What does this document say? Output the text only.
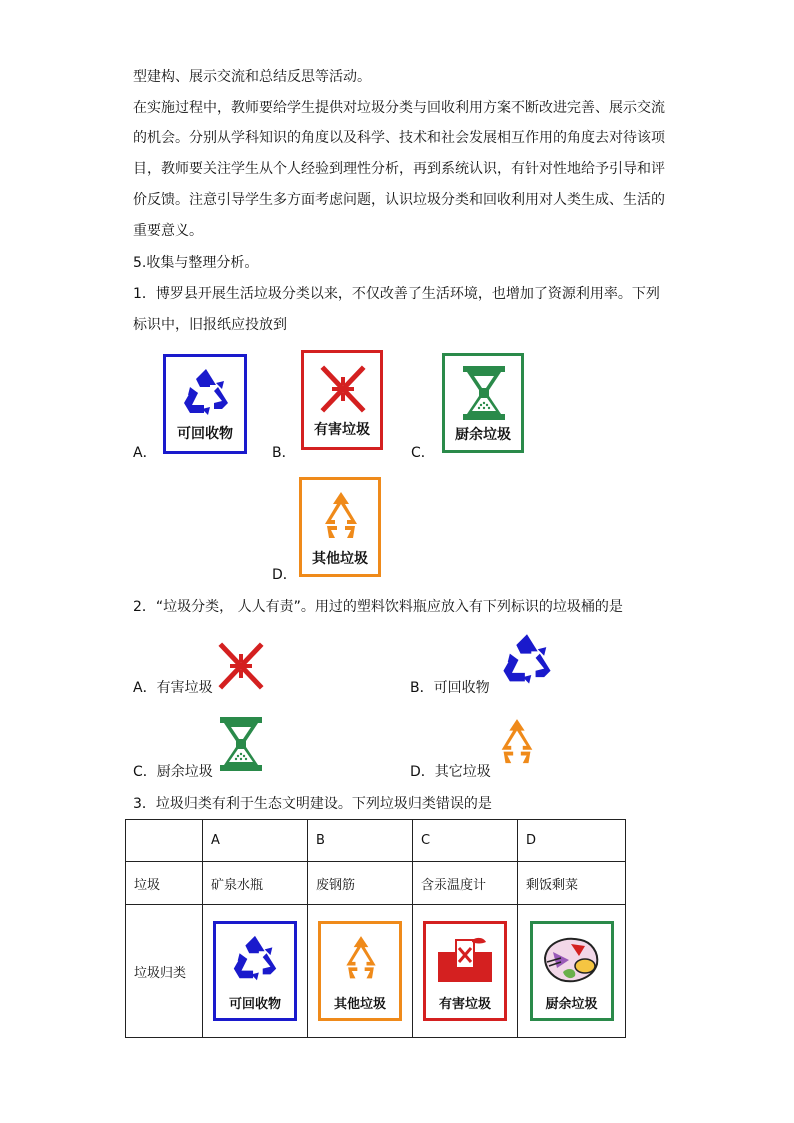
型建构、展示交流和总结反思等活动。
在实施过程中，教师要给学生提供对垃圾分类与回收利用方案不断改进完善、展示交流
的机会。分别从学科知识的角度以及科学、技术和社会发展相互作用的角度去对待该项
目，教师要关注学生从个人经验到理性分析，再到系统认识，有针对性地给予引导和评
价反馈。注意引导学生多方面考虑问题，认识垃圾分类和回收利用对人类生成、生活的
重要意义。
5.收集与整理分析。
1．博罗县开展生活垃圾分类以来，不仅改善了生活环境，也增加了资源利用率。下列
标识中，旧报纸应投放到
A．
可回收物
B．
有害垃圾
C．
厨余垃圾
D．
其他垃圾
2．“垃圾分类， 人人有责”。用过的塑料饮料瓶应放入有下列标识的垃圾桶的是
A．有害垃圾	B．可回收物
C．厨余垃圾	D．其它垃圾
3．垃圾归类有利于生态文明建设。下列垃圾归类错误的是
	A	B	C	D
垃圾	矿泉水瓶	废钢筋	含汞温度计	剩饭剩菜
垃圾归类	可回收物	其他垃圾	有害垃圾	厨余垃圾
